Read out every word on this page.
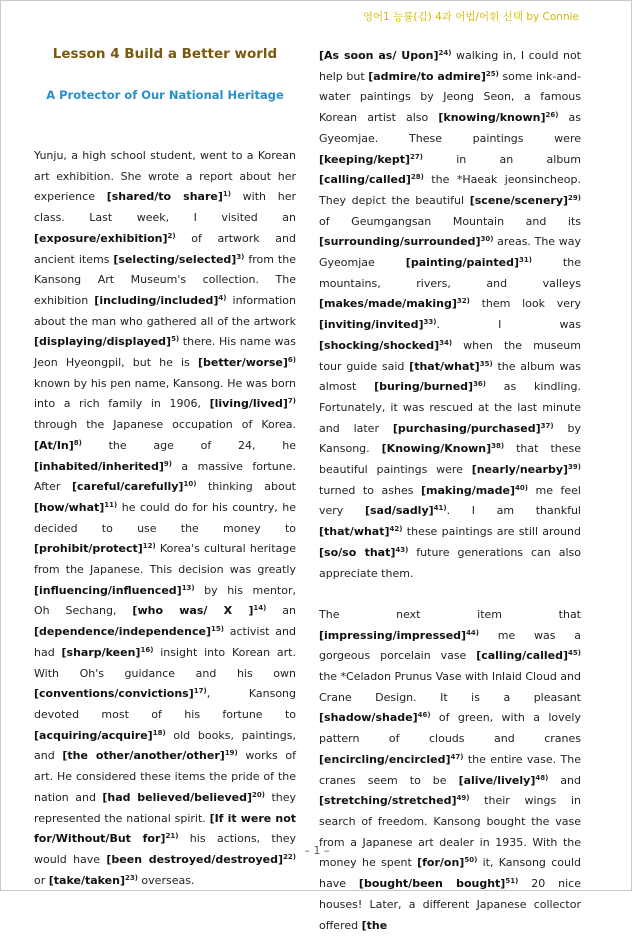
영어1 능률(김) 4과 어법/어휘 선택 by Connie
Lesson 4 Build a Better world
A Protector of Our National Heritage

Yunju, a high school student, went to a Korean art exhibition. She wrote a report about her experience [shared/to share]$^{1)}$ with her class. Last week, I visited an [exposure/exhibition]$^{2)}$ of artwork and ancient items [selecting/selected]$^{3)}$ from the Kansong Art Museum's collection. The exhibition [including/included]$^{4)}$ information about the man who gathered all of the artwork [displaying/displayed]$^{5)}$ there. His name was Jeon Hyeongpil, but he is [better/worse]$^{6)}$ known by his pen name, Kansong. He was born into a rich family in 1906, [living/lived]$^{7)}$ through the Japanese occupation of Korea. $[At/In]^{8)}$ the age of 24, he [inhabited/inherited]$^{9)}$ a massive fortune. After [careful/carefully]$^{10)}$ thinking about [how/what]$^{11)}$ he could do for his country, he decided to use the money to [prohibit/protect]$^{12)}$ Korea's cultural heritage from the Japanese. This decision was greatly [influencing/influenced]$^{13)}$ by his mentor, Oh Sechang, [who was/ X ]$^{14)}$ an [dependence/independence]$^{15)}$ activist and had [sharp/keen]$^{16)}$ insight into Korean art. With Oh's guidance and his own [conventions/convictions]$^{17)}$, Kansong devoted most of his fortune to [acquiring/acquire]$^{18)}$ old books, paintings, and [the other/another/other]$^{19)}$ works of art. He considered these items the pride of the nation and [had believed/believed]$^{20)}$ they represented the national spirit. [If it were not for/Without/But for]$^{21)}$ his actions, they would have [been destroyed/destroyed]$^{22)}$ or [take/taken]$^{23)}$ overseas.

[As soon as/ Upon]$^{24)}$ walking in, I could not help but [admire/to admire]$^{25)}$ some ink-and-water paintings by Jeong Seon, a famous Korean artist also [knowing/known]$^{26)}$ as Gyeomjae. These paintings were [keeping/kept]$^{27)}$ in an album [calling/called]$^{28)}$ the *Haeak jeonsincheop. They depict the beautiful [scene/scenery]$^{29)}$ of Geumgangsan Mountain and its [surrounding/surrounded]$^{30)}$ areas. The way Gyeomjae [painting/painted]$^{31)}$ the mountains, rivers, and valleys [makes/made/making]$^{32)}$ them look very [inviting/invited]$^{33)}$. I was [shocking/shocked]$^{34)}$ when the museum tour guide said [that/what]$^{35)}$ the album was almost [buring/burned]$^{36)}$ as kindling. Fortunately, it was rescued at the last minute and later [purchasing/purchased]$^{37)}$ by Kansong. [Knowing/Known]$^{38)}$ that these beautiful paintings were [nearly/nearby]$^{39)}$ turned to ashes [making/made]$^{40)}$ me feel very [sad/sadly]$^{41)}$. I am thankful [that/what]$^{42)}$ these paintings are still around [so/so that]$^{43)}$ future generations can also appreciate them.

The next item that [impressing/impressed]$^{44)}$ me was a gorgeous porcelain vase [calling/called]$^{45)}$ the *Celadon Prunus Vase with Inlaid Cloud and Crane Design. It is a pleasant [shadow/shade]$^{46)}$ of green, with a lovely pattern of clouds and cranes [encircling/encircled]$^{47)}$ the entire vase. The cranes seem to be [alive/lively]$^{48)}$ and [stretching/stretched]$^{49)}$ their wings in search of freedom. Kansong bought the vase from a Japanese art dealer in 1935. With the money he spent $[for/on]^{50)}$ it, Kansong could have [bought/been bought]$^{51)}$ 20 nice houses! Later, a different Japanese collector offered [the

– 1 –
